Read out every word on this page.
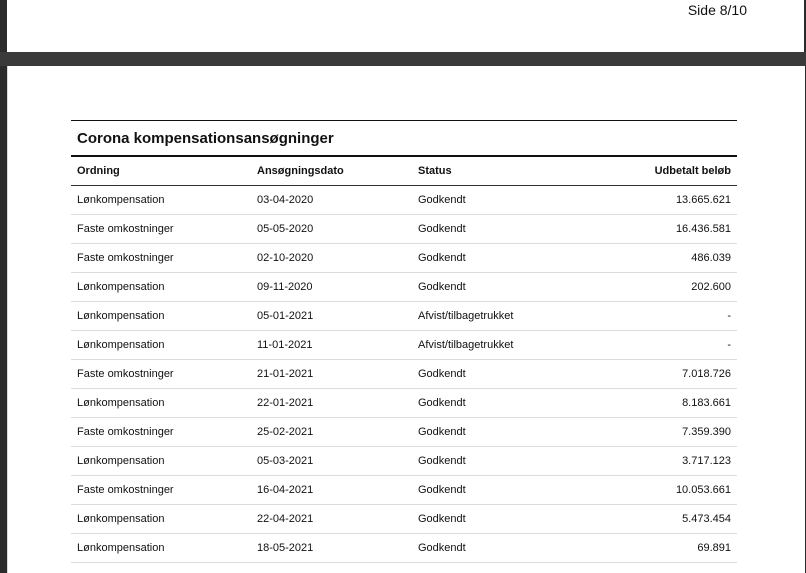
Side 8/10
Corona kompensationsansøgninger
Ordning	Ansøgningsdato	Status	Udbetalt beløb
Lønkompensation	03-04-2020	Godkendt	13.665.621
Faste omkostninger	05-05-2020	Godkendt	16.436.581
Faste omkostninger	02-10-2020	Godkendt	486.039
Lønkompensation	09-11-2020	Godkendt	202.600
Lønkompensation	05-01-2021	Afvist/tilbagetrukket	-
Lønkompensation	11-01-2021	Afvist/tilbagetrukket	-
Faste omkostninger	21-01-2021	Godkendt	7.018.726
Lønkompensation	22-01-2021	Godkendt	8.183.661
Faste omkostninger	25-02-2021	Godkendt	7.359.390
Lønkompensation	05-03-2021	Godkendt	3.717.123
Faste omkostninger	16-04-2021	Godkendt	10.053.661
Lønkompensation	22-04-2021	Godkendt	5.473.454
Lønkompensation	18-05-2021	Godkendt	69.891
